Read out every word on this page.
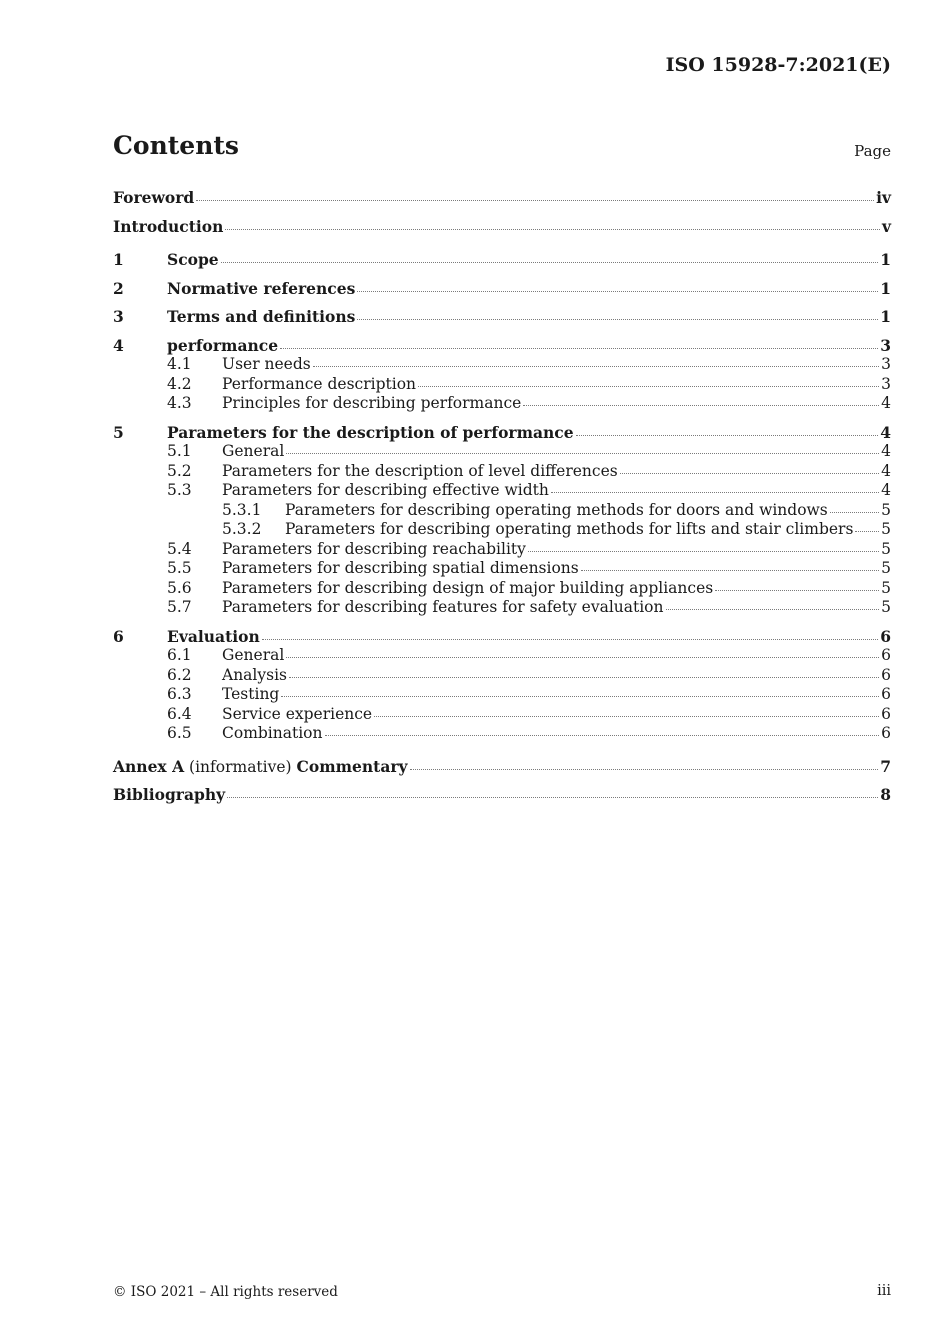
ISO 15928-7:2021(E)
Contents	Page
Foreword	iv
Introduction	v
1	Scope	1
2	Normative references	1
3	Terms and definitions	1
4	performance	3
4.1	User needs	3
4.2	Performance description	3
4.3	Principles for describing performance	4
5	Parameters for the description of performance	4
5.1	General	4
5.2	Parameters for the description of level differences	4
5.3	Parameters for describing effective width	4
5.3.1	Parameters for describing operating methods for doors and windows	5
5.3.2	Parameters for describing operating methods for lifts and stair climbers 5
5.4	Parameters for describing reachability	5
5.5	Parameters for describing spatial dimensions	5
5.6	Parameters for describing design of major building appliances	5
5.7	Parameters for describing features for safety evaluation	5
6	Evaluation	6
6.1	General	6
6.2	Analysis	6
6.3	Testing	6
6.4	Service experience	6
6.5	Combination	6
Annex A (informative) Commentary	7
Bibliography	8
© ISO 2021 – All rights reserved	iii
